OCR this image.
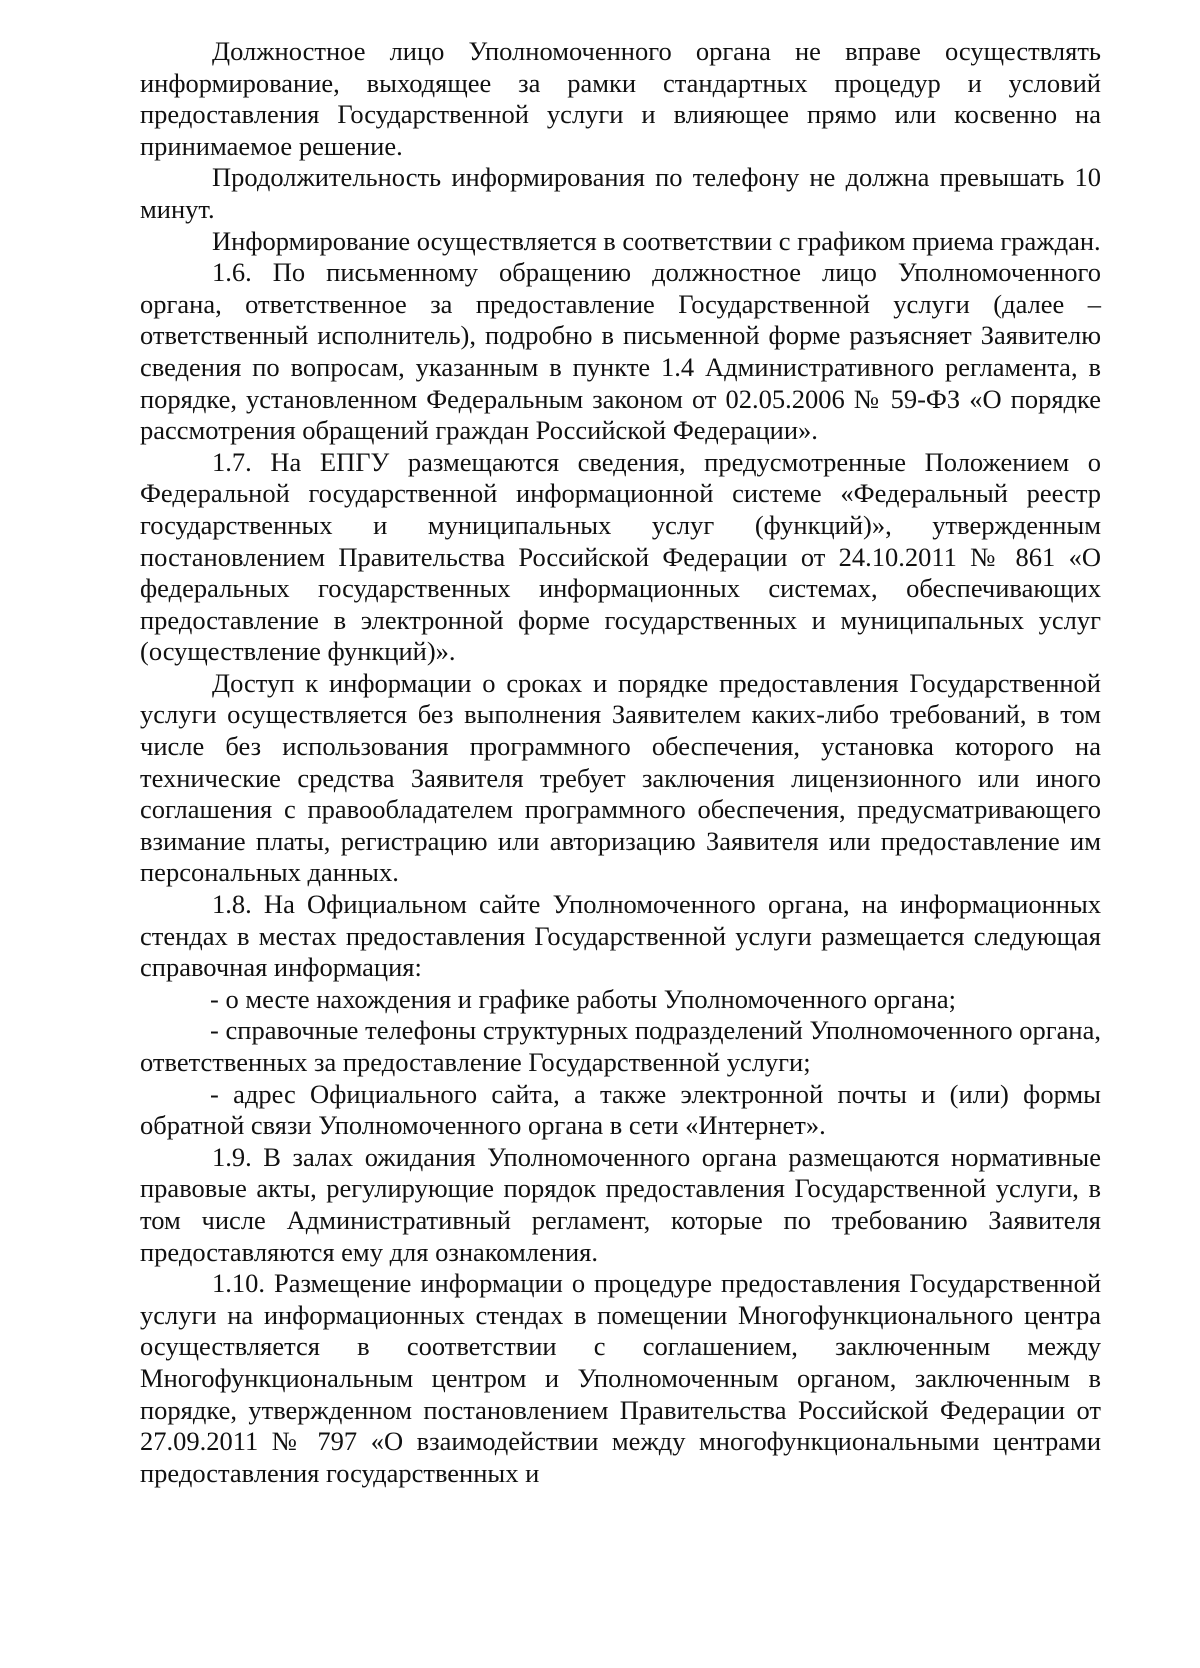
Должностное лицо Уполномоченного органа не вправе осуществлять информирование, выходящее за рамки стандартных процедур и условий предоставления Государственной услуги и влияющее прямо или косвенно на принимаемое решение.

Продолжительность информирования по телефону не должна превышать 10 минут.

Информирование осуществляется в соответствии с графиком приема граждан.

1.6. По письменному обращению должностное лицо Уполномоченного органа, ответственное за предоставление Государственной услуги (далее – ответственный исполнитель), подробно в письменной форме разъясняет Заявителю сведения по вопросам, указанным в пункте 1.4 Административного регламента, в порядке, установленном Федеральным законом от 02.05.2006 № 59-ФЗ «О порядке рассмотрения обращений граждан Российской Федерации».

1.7. На ЕПГУ размещаются сведения, предусмотренные Положением о Федеральной государственной информационной системе «Федеральный реестр государственных и муниципальных услуг (функций)», утвержденным постановлением Правительства Российской Федерации от 24.10.2011 № 861 «О федеральных государственных информационных системах, обеспечивающих предоставление в электронной форме государственных и муниципальных услуг (осуществление функций)».

Доступ к информации о сроках и порядке предоставления Государственной услуги осуществляется без выполнения Заявителем каких-либо требований, в том числе без использования программного обеспечения, установка которого на технические средства Заявителя требует заключения лицензионного или иного соглашения с правообладателем программного обеспечения, предусматривающего взимание платы, регистрацию или авторизацию Заявителя или предоставление им персональных данных.

1.8. На Официальном сайте Уполномоченного органа, на информационных стендах в местах предоставления Государственной услуги размещается следующая справочная информация:

- о месте нахождения и графике работы Уполномоченного органа;

- справочные телефоны структурных подразделений Уполномоченного органа, ответственных за предоставление Государственной услуги;

- адрес Официального сайта, а также электронной почты и (или) формы обратной связи Уполномоченного органа в сети «Интернет».

1.9. В залах ожидания Уполномоченного органа размещаются нормативные правовые акты, регулирующие порядок предоставления Государственной услуги, в том числе Административный регламент, которые по требованию Заявителя предоставляются ему для ознакомления.

1.10. Размещение информации о процедуре предоставления Государственной услуги на информационных стендах в помещении Многофункционального центра осуществляется в соответствии с соглашением, заключенным между Многофункциональным центром и Уполномоченным органом, заключенным в порядке, утвержденном постановлением Правительства Российской Федерации от 27.09.2011 № 797 «О взаимодействии между многофункциональными центрами предоставления государственных и
